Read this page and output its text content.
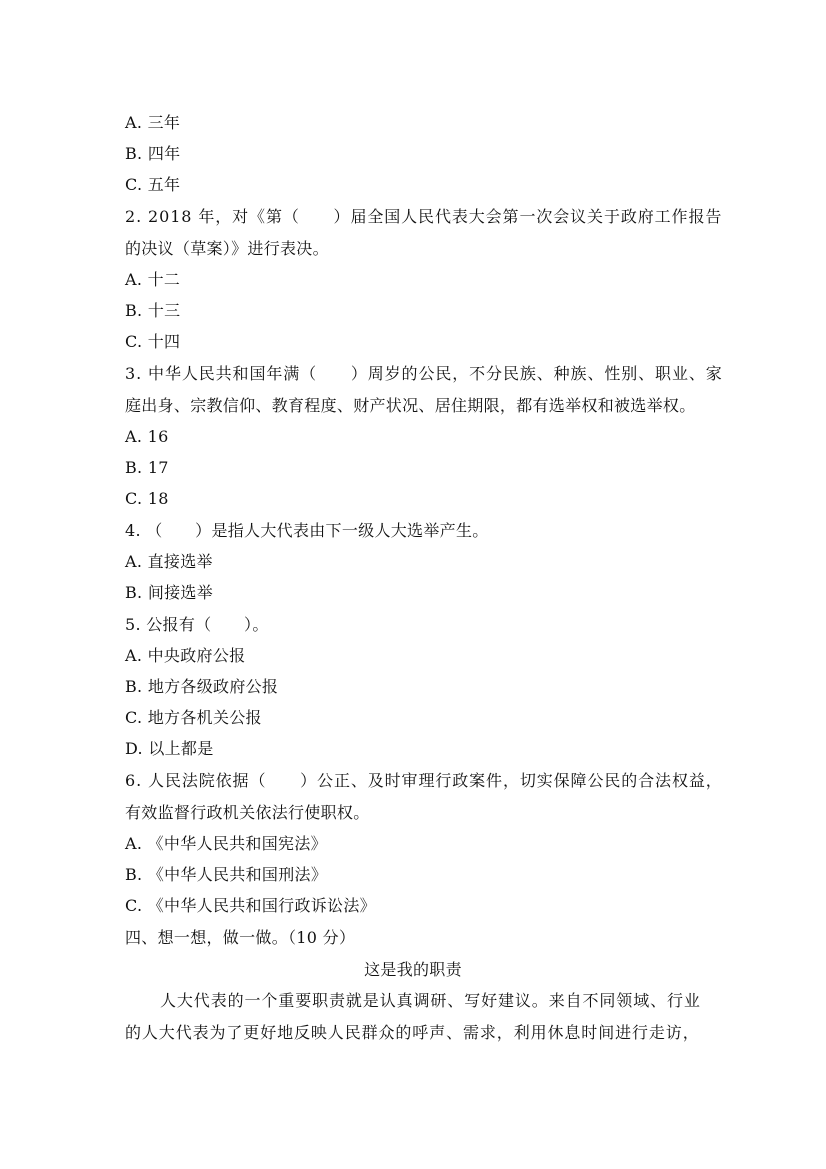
A. 三年
B. 四年
C. 五年
2. 2018 年，对《第（　　）届全国人民代表大会第一次会议关于政府工作报告
的决议（草案）》进行表决。
A. 十二
B. 十三
C. 十四
3. 中华人民共和国年满（　　）周岁的公民，不分民族、种族、性别、职业、家
庭出身、宗教信仰、教育程度、财产状况、居住期限，都有选举权和被选举权。
A. 16
B. 17
C. 18
4. （　　）是指人大代表由下一级人大选举产生。
A. 直接选举
B. 间接选举
5. 公报有（　　）。
A. 中央政府公报
B. 地方各级政府公报
C. 地方各机关公报
D. 以上都是
6. 人民法院依据（　　）公正、及时审理行政案件，切实保障公民的合法权益，
有效监督行政机关依法行使职权。
A. 《中华人民共和国宪法》
B. 《中华人民共和国刑法》
C. 《中华人民共和国行政诉讼法》
四、想一想，做一做。（10 分）
这是我的职责
人大代表的一个重要职责就是认真调研、写好建议。来自不同领域、行业
的人大代表为了更好地反映人民群众的呼声、需求，利用休息时间进行走访，
